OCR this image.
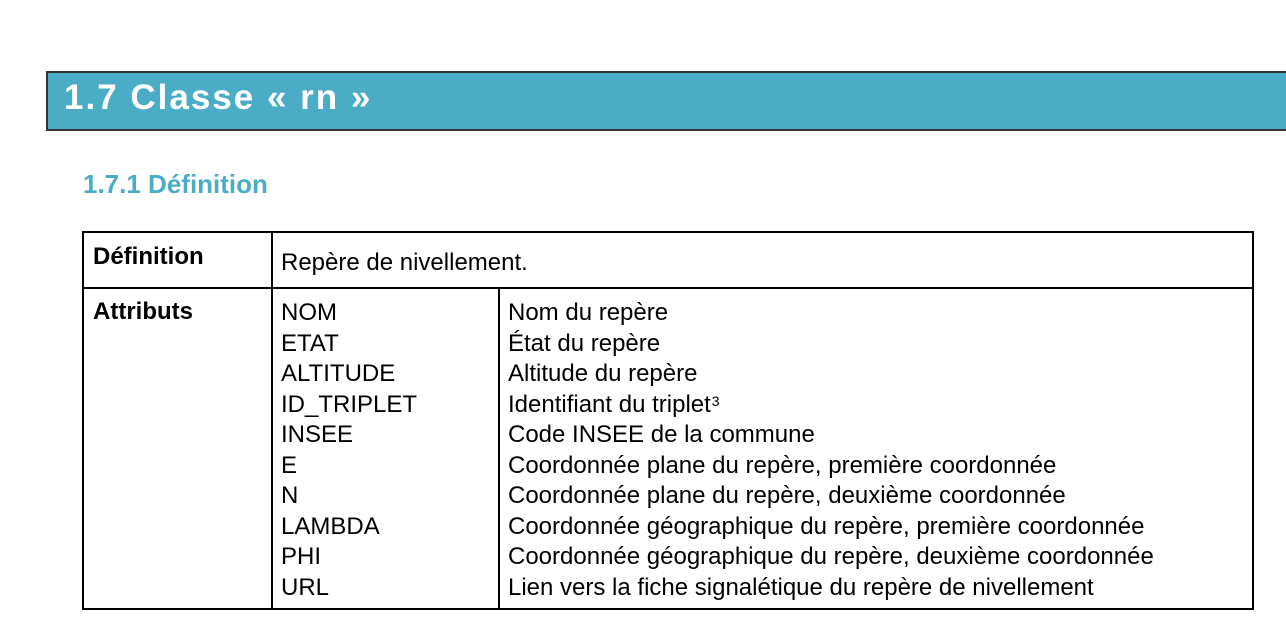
1.7 Classe « rn »
1.7.1 Définition
Définition	Repère de nivellement.
Attributs	NOM
ETAT
ALTITUDE
ID_TRIPLET
INSEE
E
N
LAMBDA
PHI
URL
Nom du repère
État du repère
Altitude du repère
Identifiant du triplet$^3$
Code INSEE de la commune
Coordonnée plane du repère, première coordonnée
Coordonnée plane du repère, deuxième coordonnée
Coordonnée géographique du repère, première coordonnée
Coordonnée géographique du repère, deuxième coordonnée
Lien vers la fiche signalétique du repère de nivellement
